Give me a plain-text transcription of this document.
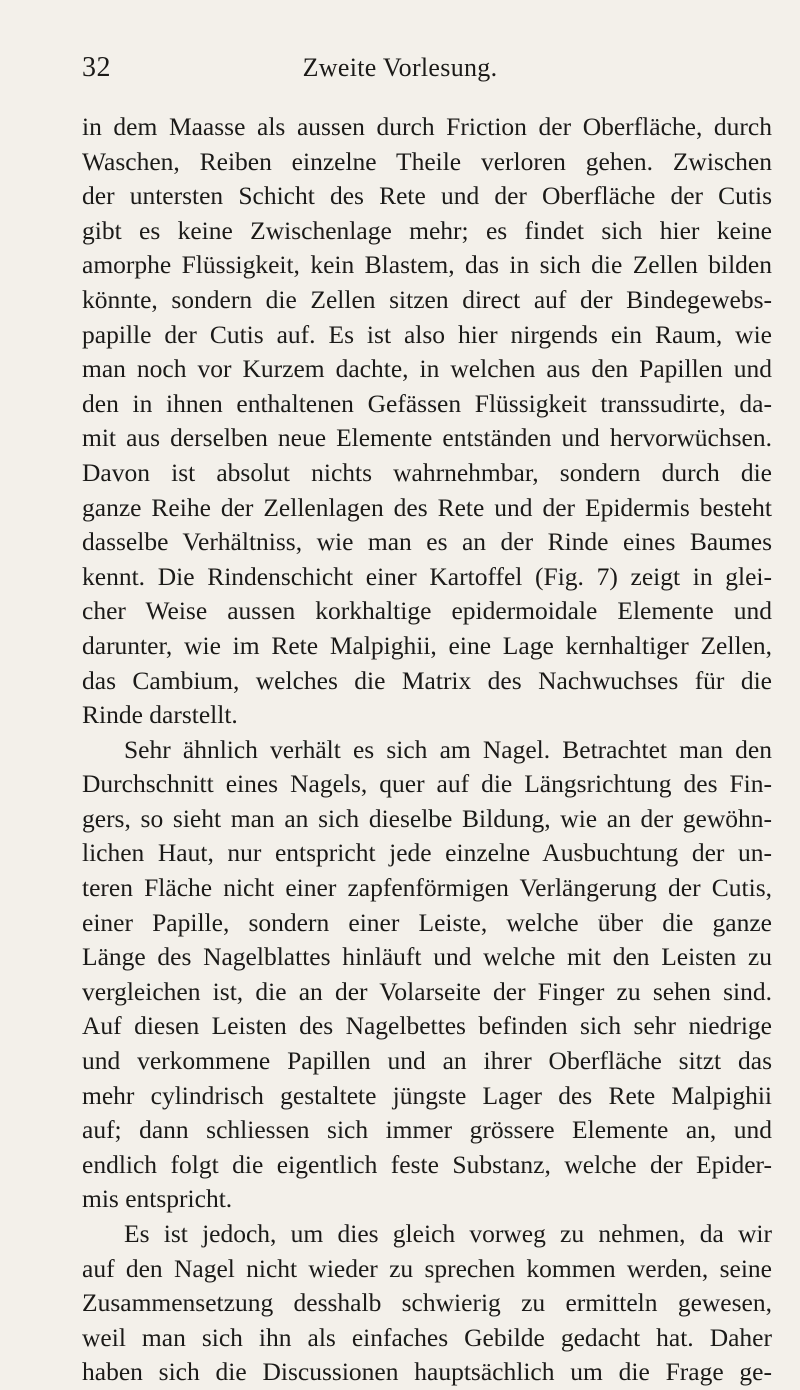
32	Zweite Vorlesung.
in dem Maasse als aussen durch Friction der Oberfläche, durch
Waschen, Reiben einzelne Theile verloren gehen. Zwischen
der untersten Schicht des Rete und der Oberfläche der Cutis
gibt es keine Zwischenlage mehr; es findet sich hier keine
amorphe Flüssigkeit, kein Blastem, das in sich die Zellen bilden
könnte, sondern die Zellen sitzen direct auf der Bindegewebs-
papille der Cutis auf. Es ist also hier nirgends ein Raum, wie
man noch vor Kurzem dachte, in welchen aus den Papillen und
den in ihnen enthaltenen Gefässen Flüssigkeit transsudirte, da-
mit aus derselben neue Elemente entständen und hervorwüchsen.
Davon ist absolut nichts wahrnehmbar, sondern durch die
ganze Reihe der Zellenlagen des Rete und der Epidermis besteht
dasselbe Verhältniss, wie man es an der Rinde eines Baumes
kennt. Die Rindenschicht einer Kartoffel (Fig. 7) zeigt in glei-
cher Weise aussen korkhaltige epidermoidale Elemente und
darunter, wie im Rete Malpighii, eine Lage kernhaltiger Zellen,
das Cambium, welches die Matrix des Nachwuchses für die
Rinde darstellt.
Sehr ähnlich verhält es sich am Nagel. Betrachtet man den
Durchschnitt eines Nagels, quer auf die Längsrichtung des Fin-
gers, so sieht man an sich dieselbe Bildung, wie an der gewöhn-
lichen Haut, nur entspricht jede einzelne Ausbuchtung der un-
teren Fläche nicht einer zapfenförmigen Verlängerung der Cutis,
einer Papille, sondern einer Leiste, welche über die ganze
Länge des Nagelblattes hinläuft und welche mit den Leisten zu
vergleichen ist, die an der Volarseite der Finger zu sehen sind.
Auf diesen Leisten des Nagelbettes befinden sich sehr niedrige
und verkommene Papillen und an ihrer Oberfläche sitzt das
mehr cylindrisch gestaltete jüngste Lager des Rete Malpighii
auf; dann schliessen sich immer grössere Elemente an, und
endlich folgt die eigentlich feste Substanz, welche der Epider-
mis entspricht.
Es ist jedoch, um dies gleich vorweg zu nehmen, da wir
auf den Nagel nicht wieder zu sprechen kommen werden, seine
Zusammensetzung desshalb schwierig zu ermitteln gewesen,
weil man sich ihn als einfaches Gebilde gedacht hat. Daher
haben sich die Discussionen hauptsächlich um die Frage ge-
